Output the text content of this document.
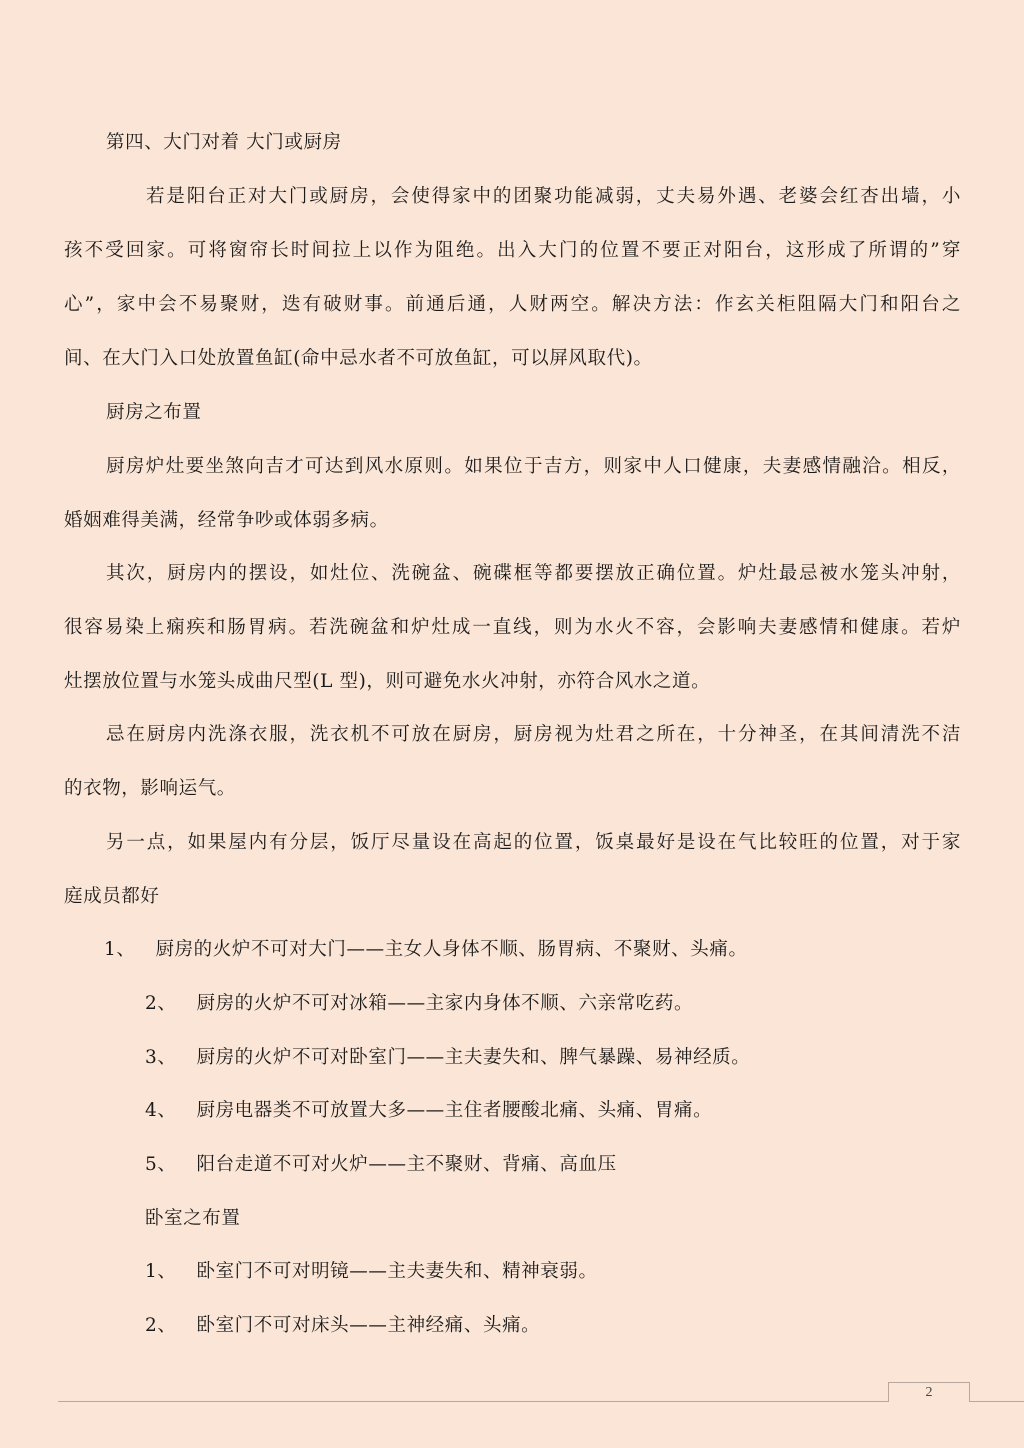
第四、大门对着 大门或厨房
若是阳台正对大门或厨房，会使得家中的团聚功能减弱，丈夫易外遇、老婆会红杏出墙，小
孩不受回家。可将窗帘长时间拉上以作为阻绝。出入大门的位置不要正对阳台，这形成了所谓的”穿
心”，家中会不易聚财，迭有破财事。前通后通，人财两空。解决方法：作玄关柜阻隔大门和阳台之
间、在大门入口处放置鱼缸(命中忌水者不可放鱼缸，可以屏风取代)。
厨房之布置
厨房炉灶要坐煞向吉才可达到风水原则。如果位于吉方，则家中人口健康，夫妻感情融洽。相反，
婚姻难得美满，经常争吵或体弱多病。
其次，厨房内的摆设，如灶位、洗碗盆、碗碟框等都要摆放正确位置。炉灶最忌被水笼头冲射，
很容易染上痫疾和肠胃病。若洗碗盆和炉灶成一直线，则为水火不容，会影响夫妻感情和健康。若炉
灶摆放位置与水笼头成曲尺型(L 型)，则可避免水火冲射，亦符合风水之道。
忌在厨房内洗涤衣服，洗衣机不可放在厨房，厨房视为灶君之所在，十分神圣，在其间清洗不洁
的衣物，影响运气。
另一点，如果屋内有分层，饭厅尽量设在高起的位置，饭桌最好是设在气比较旺的位置，对于家
庭成员都好
1、 厨房的火炉不可对大门——主女人身体不顺、肠胃病、不聚财、头痛。
2、 厨房的火炉不可对冰箱——主家内身体不顺、六亲常吃药。
3、 厨房的火炉不可对卧室门——主夫妻失和、脾气暴躁、易神经质。
4、 厨房电器类不可放置大多——主住者腰酸北痛、头痛、胃痛。
5、 阳台走道不可对火炉——主不聚财、背痛、高血压
卧室之布置
1、 卧室门不可对明镜——主夫妻失和、精神衰弱。
2、 卧室门不可对床头——主神经痛、头痛。
2
